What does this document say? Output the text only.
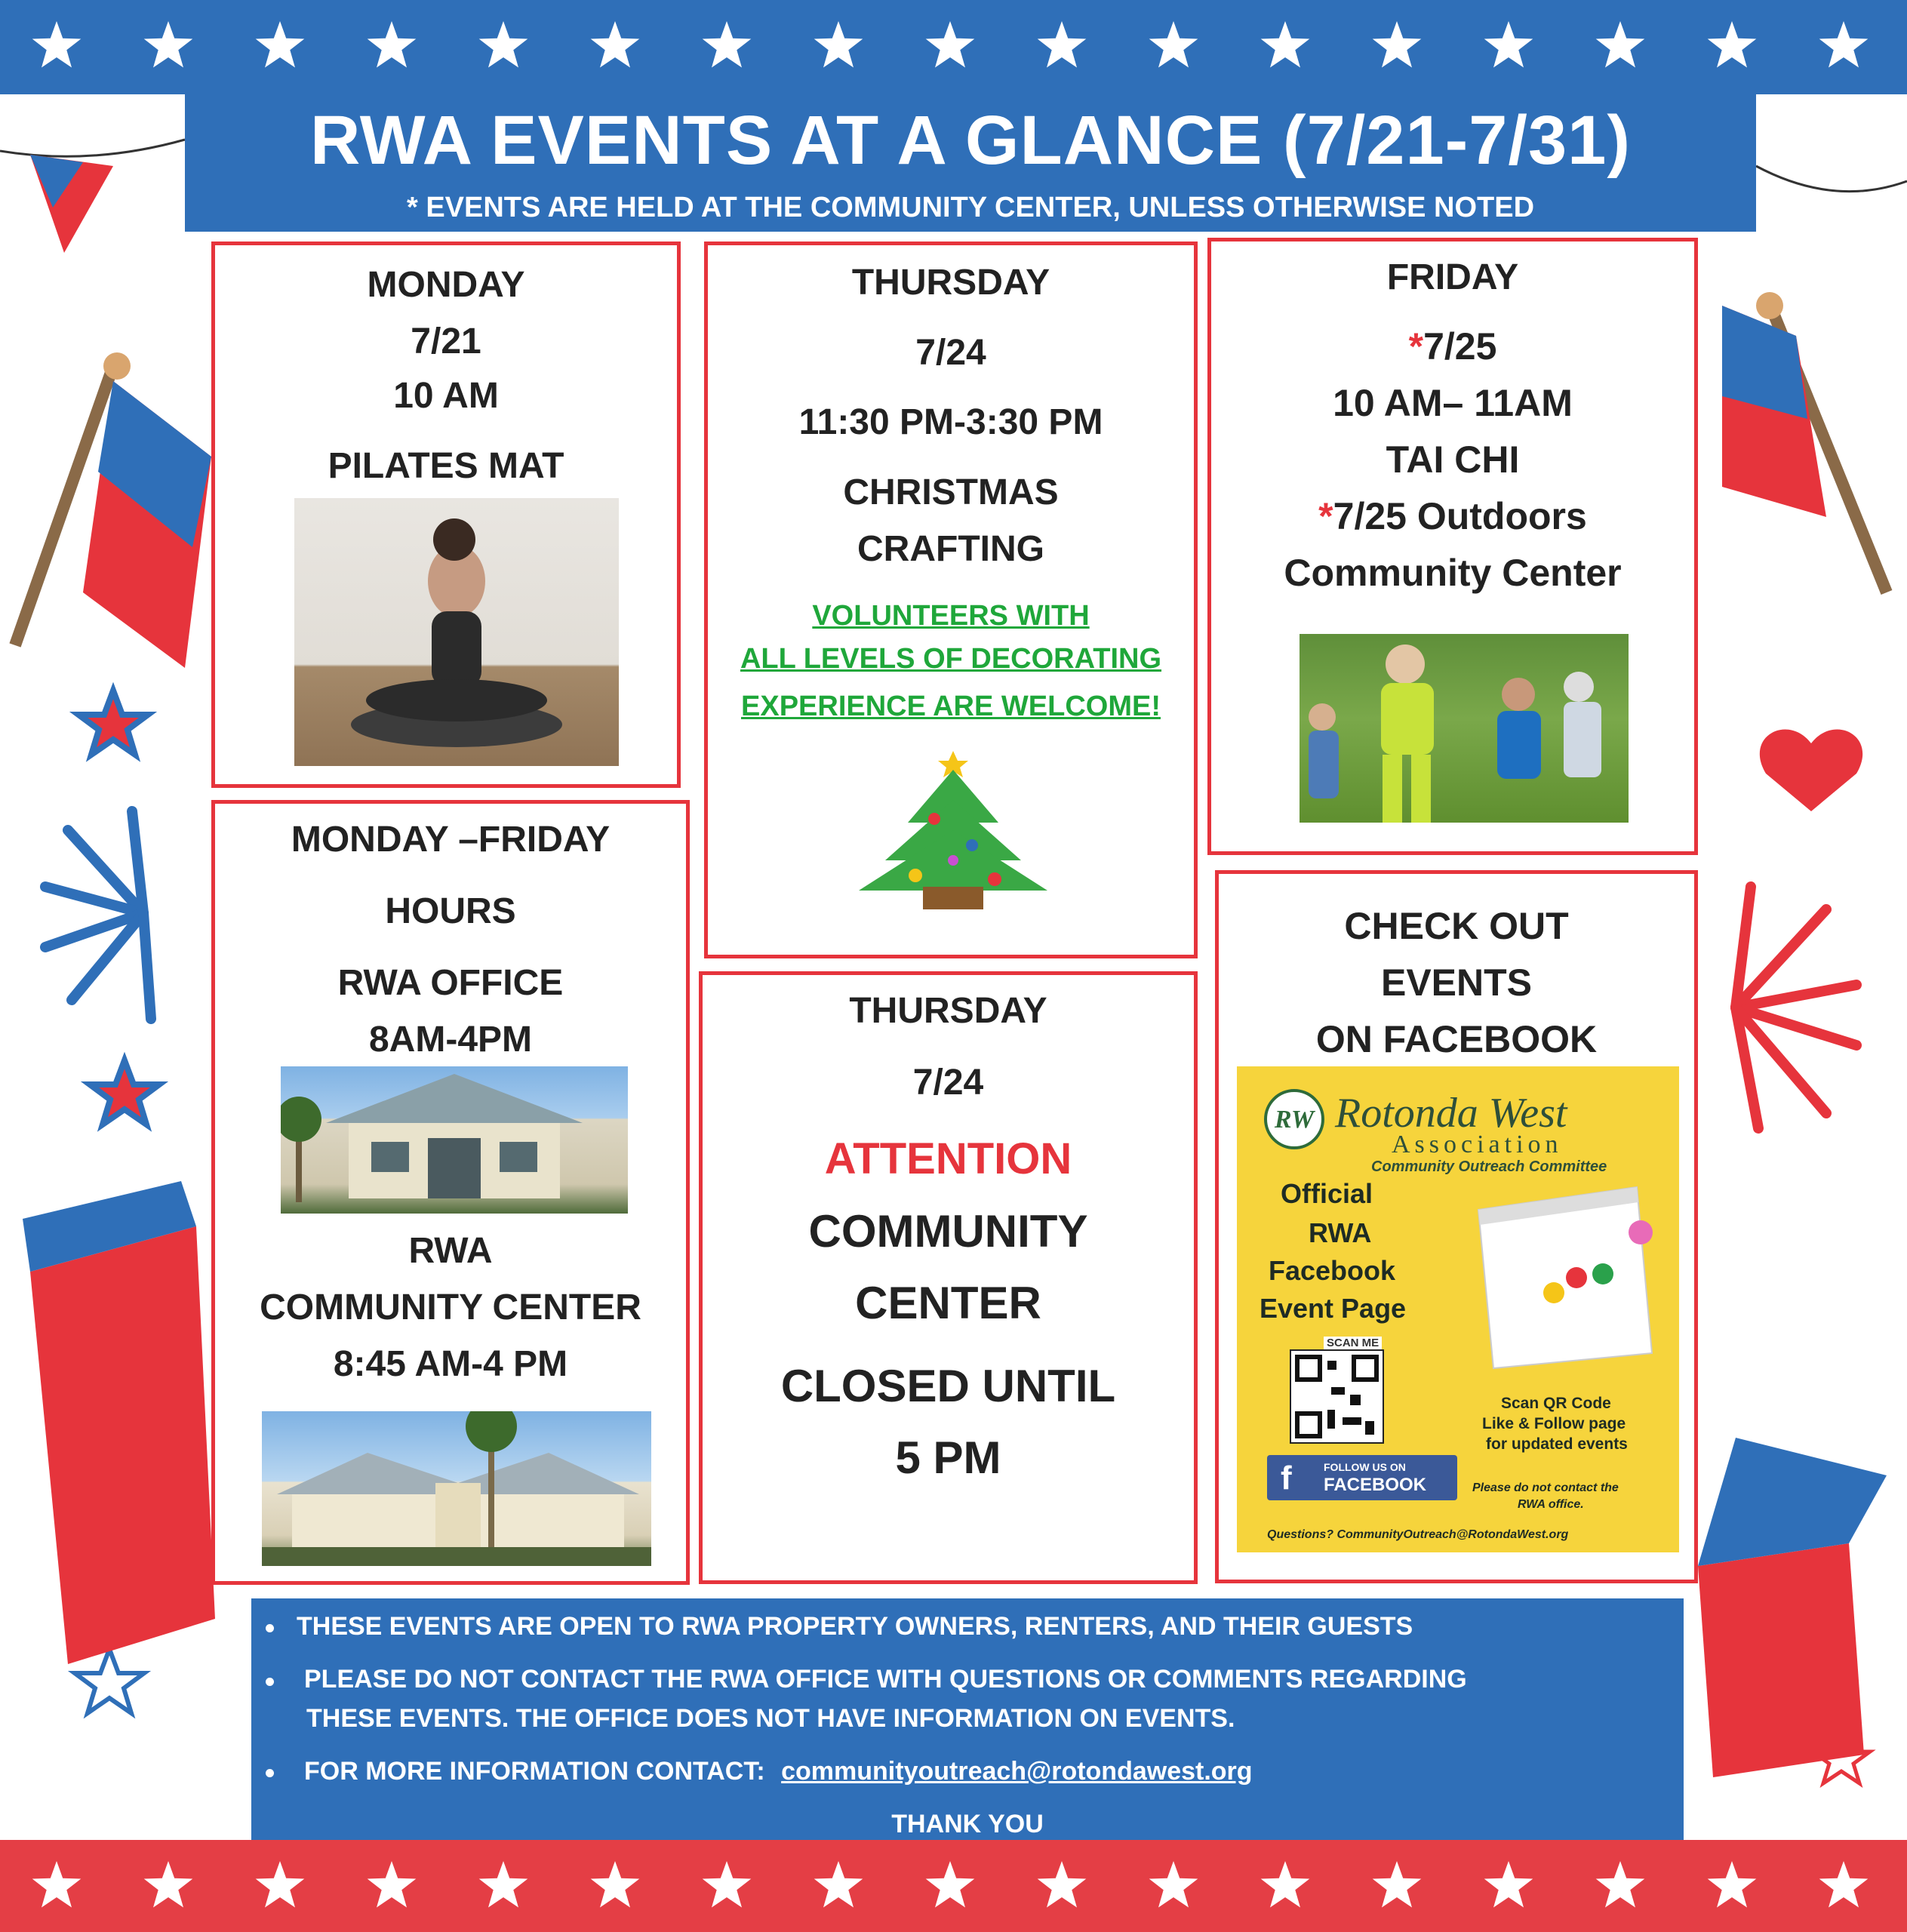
RWA EVENTS AT A GLANCE (7/21-7/31)
* EVENTS ARE HELD AT THE COMMUNITY CENTER, UNLESS OTHERWISE NOTED
MONDAY
7/21
10 AM
PILATES MAT
THURSDAY
7/24
11:30 PM-3:30 PM
CHRISTMAS
CRAFTING
VOLUNTEERS WITH
ALL LEVELS OF DECORATING
EXPERIENCE ARE WELCOME!
FRIDAY
*7/25
10 AM– 11AM
TAI CHI
*7/25 Outdoors
Community Center
MONDAY –FRIDAY
HOURS
RWA OFFICE
8AM-4PM
RWA
COMMUNITY CENTER
8:45 AM-4 PM
THURSDAY
7/24
ATTENTION
COMMUNITY
CENTER
CLOSED UNTIL
5 PM
CHECK OUT
EVENTS
ON FACEBOOK
RW Rotonda West
Association
Community Outreach Committee
Official
RWA
Facebook
Event Page
SCAN ME
Scan QR Code
Like & Follow page
for updated events
f	FOLLOW US ON
FACEBOOK	Please do not contact the
RWA office.
Questions? CommunityOutreach@RotondaWest.org
THESE EVENTS ARE OPEN TO RWA PROPERTY OWNERS, RENTERS, AND THEIR GUESTS
PLEASE DO NOT CONTACT THE RWA OFFICE WITH QUESTIONS OR COMMENTS REGARDING
THESE EVENTS. THE OFFICE DOES NOT HAVE INFORMATION ON EVENTS.
FOR MORE INFORMATION CONTACT: communityoutreach@rotondawest.org
THANK YOU
